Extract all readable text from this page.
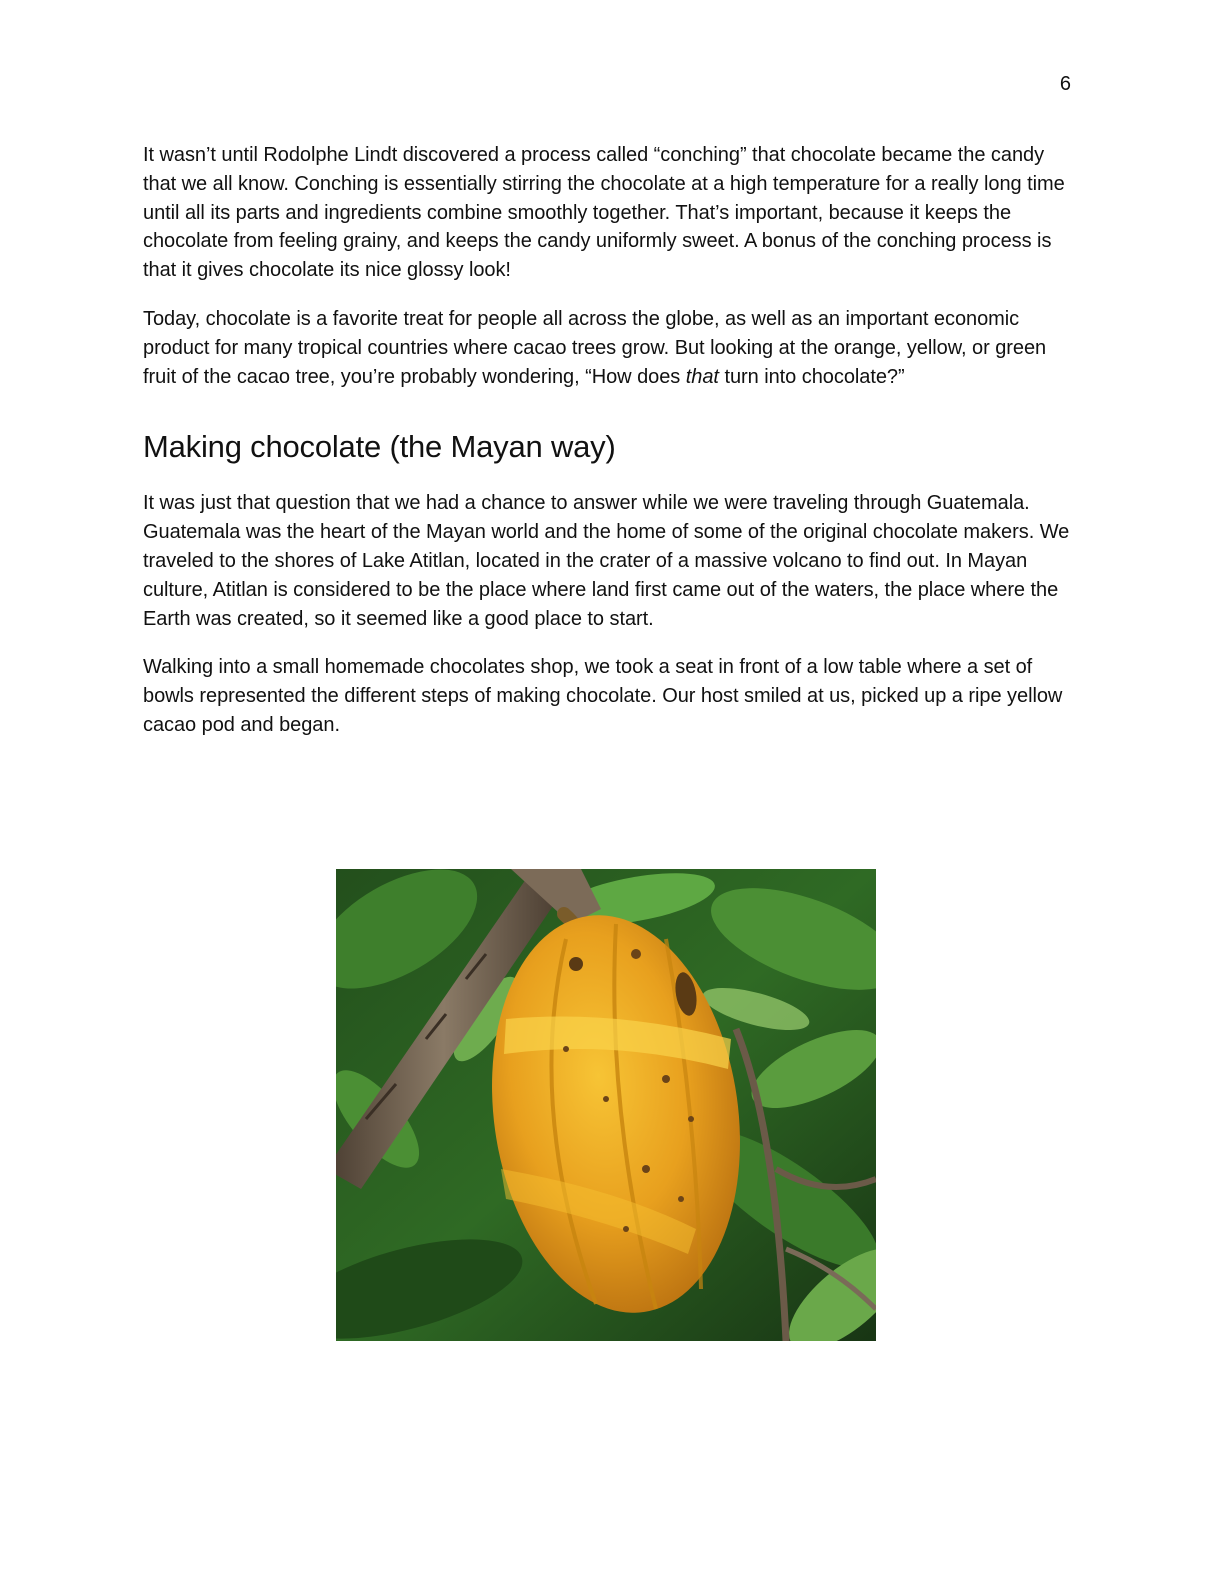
6

It wasn’t until Rodolphe Lindt discovered a process called “conching” that chocolate became the candy that we all know. Conching is essentially stirring the chocolate at a high temperature for a really long time until all its parts and ingredients combine smoothly together. That’s important, because it keeps the chocolate from feeling grainy, and keeps the candy uniformly sweet. A bonus of the conching process is that it gives chocolate its nice glossy look!

Today, chocolate is a favorite treat for people all across the globe, as well as an important economic product for many tropical countries where cacao trees grow. But looking at the orange, yellow, or green fruit of the cacao tree, you’re probably wondering, “How does that turn into chocolate?”

Making chocolate (the Mayan way)

It was just that question that we had a chance to answer while we were traveling through Guatemala. Guatemala was the heart of the Mayan world and the home of some of the original chocolate makers. We traveled to the shores of Lake Atitlan, located in the crater of a massive volcano to find out. In Mayan culture, Atitlan is considered to be the place where land first came out of the waters, the place where the Earth was created, so it seemed like a good place to start.

Walking into a small homemade chocolates shop, we took a seat in front of a low table where a set of bowls represented the different steps of making chocolate. Our host smiled at us, picked up a ripe yellow cacao pod and began.
